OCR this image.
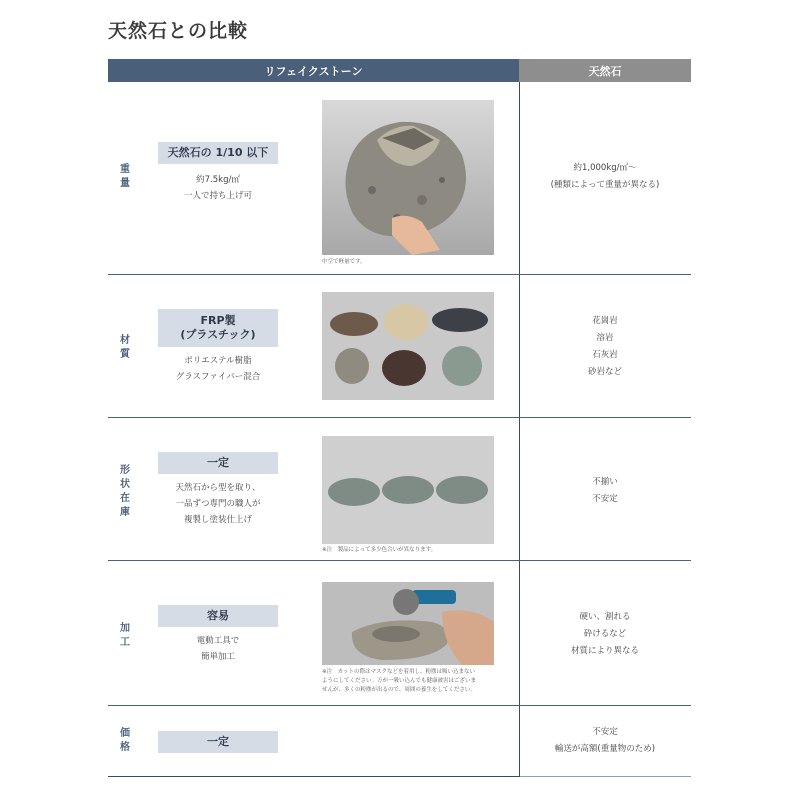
天然石との比較
リフェイクストーン	天然石
重
量
天然石の 1/10 以下
約7.5kg/㎡
一人で持ち上げ可
中空で軽量です。
約1,000kg/㎡～
(種類によって重量が異なる)
材
質
FRP製
(プラスチック)
ポリエステル樹脂
グラスファイバー混合
花崗岩
溶岩
石灰岩
砂岩など
形
状
在
庫
一定
天然石から型を取り、
一品ずつ専門の職人が
複製し塗装仕上げ
※注　製品によって多少色合いが異なります。
不揃い
不安定
加
工
容易
電動工具で
簡単加工
※注　カットの際はマスクなどを着用し、粉塵は吸い込まない
ようにしてください。万が一吸い込んでも健康被害はございま
せんが、多くの粉塵が出るので、周囲の養生をしてください。
硬い、割れる
砕けるなど
材質により異なる
価
格	一定
不安定
輸送が高額(重量物のため)
